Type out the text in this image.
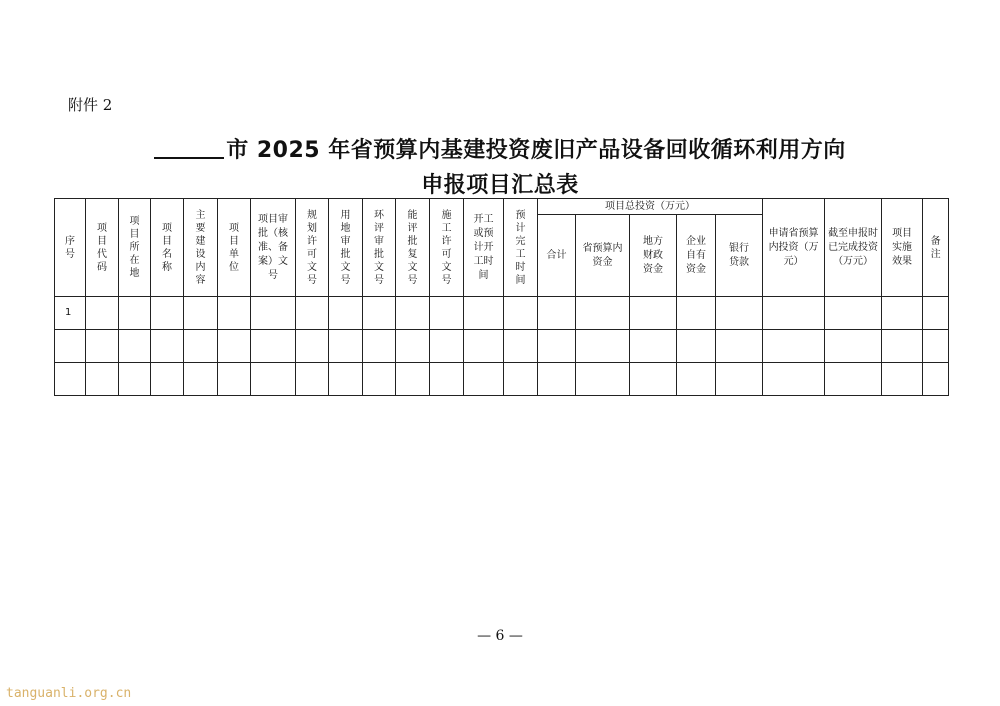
附件 2
市 2025 年省预算内基建投资废旧产品设备回收循环利用方向
申报项目汇总表
序号	项目代码	项目所在地	项目名称	主要建设内容	项目单位	项目审批（核准、备案）文号	规划许可文号	用地审批文号	环评审批文号	能评批复文号	施工许可文号	开工或预计开工时间	预计完工时间	项目总投资（万元）					申请省预算内投资（万元）	截至申报时已完成投资（万元）	项目实施效果	备注
														合计	省预算内资金	地方财政资金	企业自有资金	银行贷款				
1																						

— 6 —
tanguanli.org.cn
